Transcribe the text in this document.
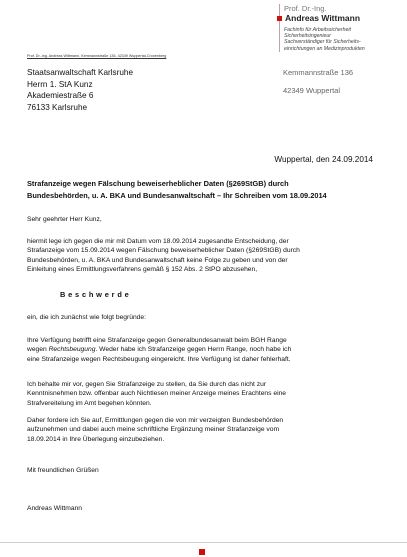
Prof. Dr.-Ing.
Andreas Wittmann
Fachinfo für Arbeitssicherheit
Sicherheitsingenieur
Sachverständiger für Sicherheits-
einrichtungen an Medizinprodukten
Kemmannstraße 136
42349 Wuppertal
Prof. Dr.-Ing. Andreas Wittmann, Kemmannstraße 136, 42349 Wuppertal-Cronenberg
Staatsanwaltschaft Karlsruhe
Herrn 1. StA Kunz
Akademiestraße 6
76133 Karlsruhe
Wuppertal, den 24.09.2014
Strafanzeige wegen Fälschung beweiserheblicher Daten (§269StGB) durch
Bundesbehörden, u. A. BKA und Bundesanwaltschaft – Ihr Schreiben vom 18.09.2014
Sehr geehrter Herr Kunz,
hiermit lege ich gegen die mir mit Datum vom 18.09.2014 zugesandte Entscheidung, der
Strafanzeige vom 15.09.2014 wegen Fälschung beweiserheblicher Daten (§269StGB) durch
Bundesbehörden, u. A. BKA und Bundesanwaltschaft keine Folge zu geben und von der
Einleitung eines Ermittlungsverfahrens gemäß § 152 Abs. 2 StPO abzusehen,
Beschwerde
ein, die ich zunächst wie folgt begründe:
Ihre Verfügung betrifft eine Strafanzeige gegen Generalbundesanwalt beim BGH Range
wegen Rechtsbeugung. Weder habe ich Strafanzeige gegen Herrn Range, noch habe ich
eine Strafanzeige wegen Rechtsbeugung eingereicht. Ihre Verfügung ist daher fehlerhaft.
Ich behalte mir vor, gegen Sie Strafanzeige zu stellen, da Sie durch das nicht zur
Kenntnisnehmen bzw. offenbar auch Nichtlesen meiner Anzeige meines Erachtens eine
Strafvereitelung im Amt begehen könnten.
Daher fordere ich Sie auf, Ermittlungen gegen die von mir verzeigten Bundesbehörden
aufzunehmen und dabei auch meine schriftliche Ergänzung meiner Strafanzeige vom
18.09.2014 in Ihre Überlegung einzubeziehen.
Mit freundlichen Grüßen
Andreas Wittmann
